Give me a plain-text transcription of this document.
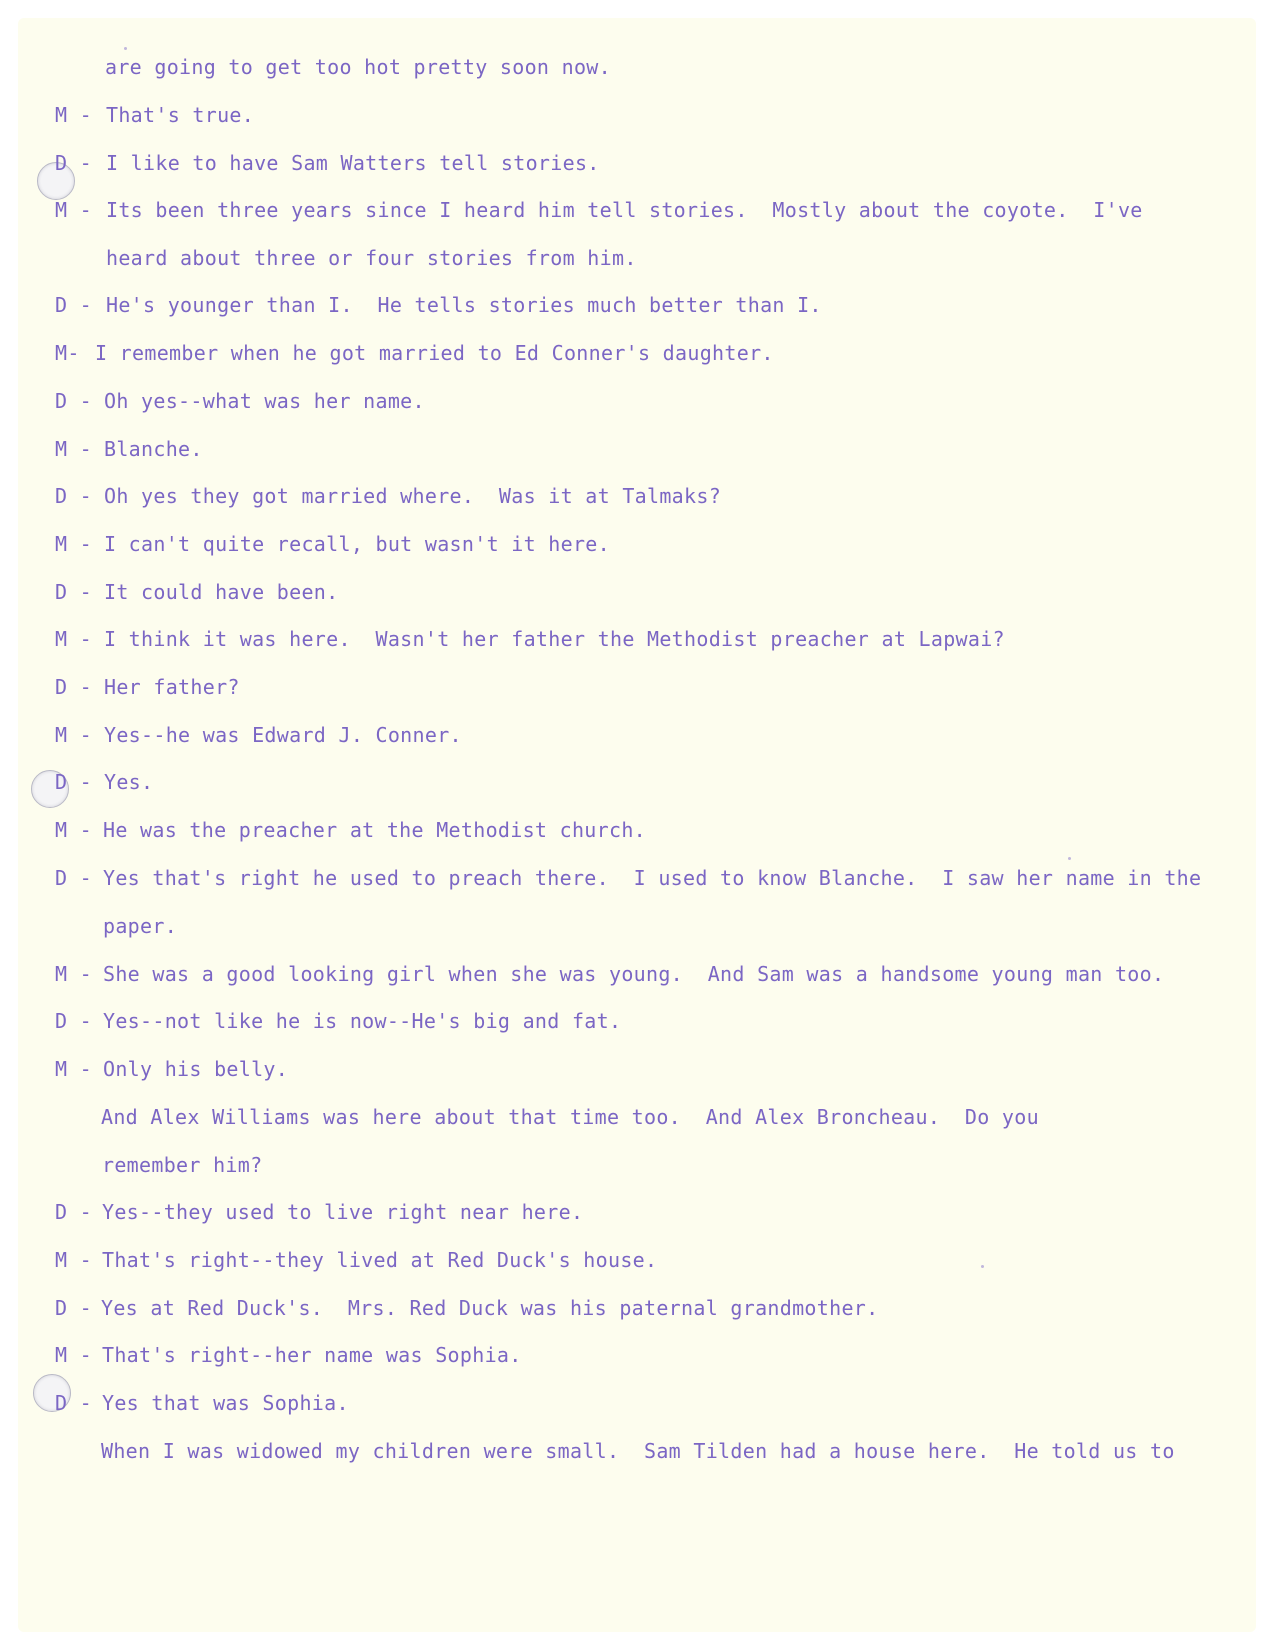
are going to get too hot pretty soon now.
M - That's true.
D - I like to have Sam Watters tell stories.
M - Its been three years since I heard him tell stories.  Mostly about the coyote.  I've
heard about three or four stories from him.
D - He's younger than I.  He tells stories much better than I.
M- I remember when he got married to Ed Conner's daughter.
D - Oh yes--what was her name.
M - Blanche.
D - Oh yes they got married where.  Was it at Talmaks?
M - I can't quite recall, but wasn't it here.
D - It could have been.
M - I think it was here.  Wasn't her father the Methodist preacher at Lapwai?
D - Her father?
M - Yes--he was Edward J. Conner.
D - Yes.
M - He was the preacher at the Methodist church.
D - Yes that's right he used to preach there.  I used to know Blanche.  I saw her name in the
paper.
M - She was a good looking girl when she was young.  And Sam was a handsome young man too.
D - Yes--not like he is now--He's big and fat.
M - Only his belly.
And Alex Williams was here about that time too.  And Alex Broncheau.  Do you
remember him?
D - Yes--they used to live right near here.
M - That's right--they lived at Red Duck's house.
D - Yes at Red Duck's.  Mrs. Red Duck was his paternal grandmother.
M - That's right--her name was Sophia.
D - Yes that was Sophia.
When I was widowed my children were small.  Sam Tilden had a house here.  He told us to
